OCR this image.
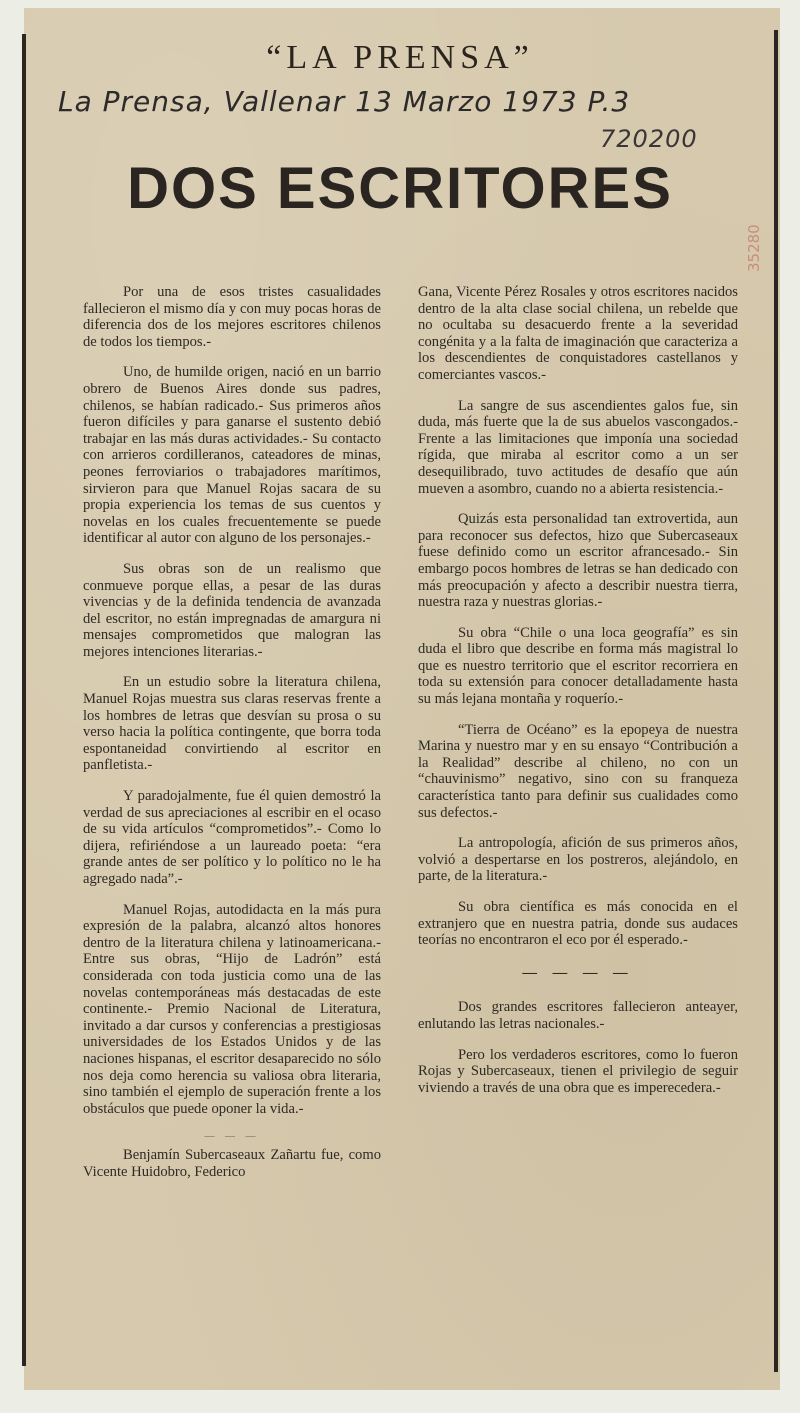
“LA PRENSA”
La Prensa, Vallenar 13 Marzo 1973 P.3
720200
35280
DOS ESCRITORES

Por una de esos tristes casualidades fallecieron el mismo día y con muy pocas horas de diferencia dos de los mejores escritores chilenos de todos los tiempos.-

Uno, de humilde origen, nació en un barrio obrero de Buenos Aires donde sus padres, chilenos, se habían radicado.- Sus primeros años fueron difíciles y para ganarse el sustento debió trabajar en las más duras actividades.- Su contacto con arrieros cordilleranos, cateadores de minas, peones ferroviarios o trabajadores marítimos, sirvieron para que Manuel Rojas sacara de su propia experiencia los temas de sus cuentos y novelas en los cuales frecuentemente se puede identificar al autor con alguno de los personajes.-

Sus obras son de un realismo que conmueve porque ellas, a pesar de las duras vivencias y de la definida tendencia de avanzada del escritor, no están impregnadas de amargura ni mensajes comprometidos que malogran las mejores intenciones literarias.-

En un estudio sobre la literatura chilena, Manuel Rojas muestra sus claras reservas frente a los hombres de letras que desvían su prosa o su verso hacia la política contingente, que borra toda espontaneidad convirtiendo al escritor en panfletista.-

Y paradojalmente, fue él quien demostró la verdad de sus apreciaciones al escribir en el ocaso de su vida artículos “comprometidos”.- Como lo dijera, refiriéndose a un laureado poeta: “era grande antes de ser político y lo político no le ha agregado nada”.-

Manuel Rojas, autodidacta en la más pura expresión de la palabra, alcanzó altos honores dentro de la literatura chilena y latinoamericana.- Entre sus obras, “Hijo de Ladrón” está considerada con toda justicia como una de las novelas contemporáneas más destacadas de este continente.- Premio Nacional de Literatura, invitado a dar cursos y conferencias a prestigiosas universidades de los Estados Unidos y de las naciones hispanas, el escritor desaparecido no sólo nos deja como herencia su valiosa obra literaria, sino también el ejemplo de superación frente a los obstáculos que puede oponer la vida.-

— — —

Benjamín Subercaseaux Zañartu fue, como Vicente Huidobro, Federico

Gana, Vicente Pérez Rosales y otros escritores nacidos dentro de la alta clase social chilena, un rebelde que no ocultaba su desacuerdo frente a la severidad congénita y a la falta de imaginación que caracteriza a los descendientes de conquistadores castellanos y comerciantes vascos.-

La sangre de sus ascendientes galos fue, sin duda, más fuerte que la de sus abuelos vascongados.- Frente a las limitaciones que imponía una sociedad rígida, que miraba al escritor como a un ser desequilibrado, tuvo actitudes de desafío que aún mueven a asombro, cuando no a abierta resistencia.-

Quizás esta personalidad tan extrovertida, aun para reconocer sus defectos, hizo que Subercaseaux fuese definido como un escritor afrancesado.- Sin embargo pocos hombres de letras se han dedicado con más preocupación y afecto a describir nuestra tierra, nuestra raza y nuestras glorias.-

Su obra “Chile o una loca geografía” es sin duda el libro que describe en forma más magistral lo que es nuestro territorio que el escritor recorriera en toda su extensión para conocer detalladamente hasta su más lejana montaña y roquerío.-

“Tierra de Océano” es la epopeya de nuestra Marina y nuestro mar y en su ensayo “Contribución a la Realidad” describe al chileno, no con un “chauvinismo” negativo, sino con su franqueza característica tanto para definir sus cualidades como sus defectos.-

La antropología, afición de sus primeros años, volvió a despertarse en los postreros, alejándolo, en parte, de la literatura.-

Su obra científica es más conocida en el extranjero que en nuestra patria, donde sus audaces teorías no encontraron el eco por él esperado.-

— — — —

Dos grandes escritores fallecieron anteayer, enlutando las letras nacionales.-

Pero los verdaderos escritores, como lo fueron Rojas y Subercaseaux, tienen el privilegio de seguir viviendo a través de una obra que es imperecedera.-
